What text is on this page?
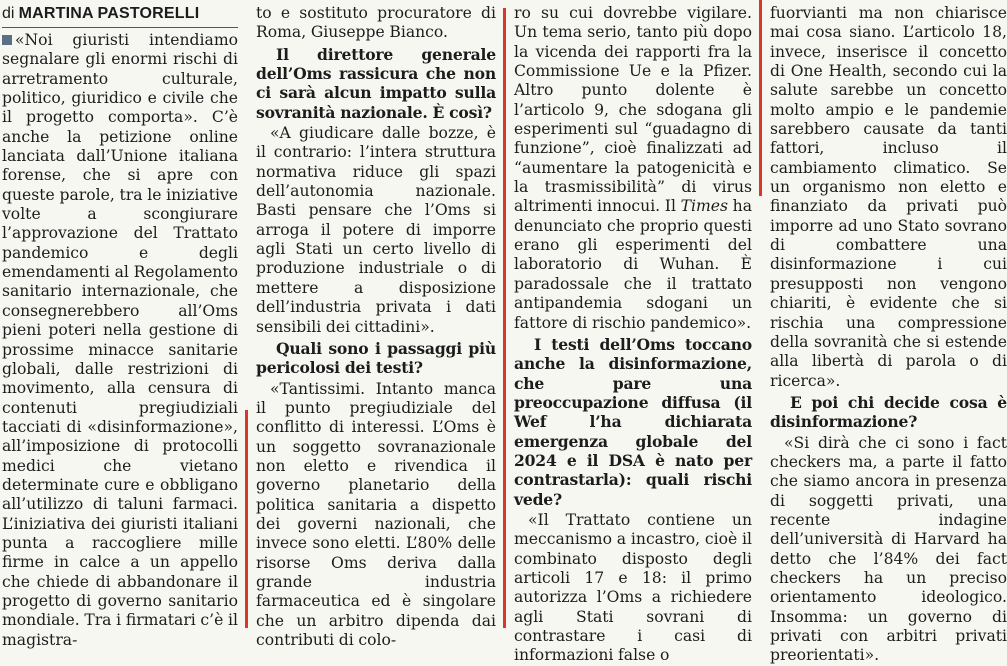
di MARTINA PASTORELLI

«Noi giuristi intendiamo segnalare gli enormi rischi di arretramento culturale, politico, giuridico e civile che il progetto comporta». C’è anche la petizione online lanciata dall’Unione italiana forense, che si apre con queste parole, tra le iniziative volte a scongiurare l’approvazione del Trattato pandemico e degli emendamenti al Regolamento sanitario internazionale, che consegnerebbero all’Oms pieni poteri nella gestione di prossime minacce sanitarie globali, dalle restrizioni di movimento, alla censura di contenuti pregiudiziali tacciati di «disinformazione», all’imposizione di protocolli medici che vietano determinate cure e obbligano all’utilizzo di taluni farmaci. L’iniziativa dei giuristi italiani punta a raccogliere mille firme in calce a un appello che chiede di abbandonare il progetto di governo sanitario mondiale. Tra i firmatari c’è il magistra-

to e sostituto procuratore di Roma, Giuseppe Bianco.

Il direttore generale dell’Oms rassicura che non ci sarà alcun impatto sulla sovranità nazionale. È così?

«A giudicare dalle bozze, è il contrario: l’intera struttura normativa riduce gli spazi dell’autonomia nazionale. Basti pensare che l’Oms si arroga il potere di imporre agli Stati un certo livello di produzione industriale o di mettere a disposizione dell’industria privata i dati sensibili dei cittadini».

Quali sono i passaggi più pericolosi dei testi?

«Tantissimi. Intanto manca il punto pregiudiziale del conflitto di interessi. L’Oms è un soggetto sovranazionale non eletto e rivendica il governo planetario della politica sanitaria a dispetto dei governi nazionali, che invece sono eletti. L’80% delle risorse Oms deriva dalla grande industria farmaceutica ed è singolare che un arbitro dipenda dai contributi di colo-

ro su cui dovrebbe vigilare. Un tema serio, tanto più dopo la vicenda dei rapporti fra la Commissione Ue e la Pfizer. Altro punto dolente è l’articolo 9, che sdogana gli esperimenti sul “guadagno di funzione”, cioè finalizzati ad “aumentare la patogenicità e la trasmissibilità” di virus altrimenti innocui. Il Times ha denunciato che proprio questi erano gli esperimenti del laboratorio di Wuhan. È paradossale che il trattato antipandemia sdogani un fattore di rischio pandemico».

I testi dell’Oms toccano anche la disinformazione, che pare una preoccupazione diffusa (il Wef l’ha dichiarata emergenza globale del 2024 e il DSA è nato per contrastarla): quali rischi vede?

«Il Trattato contiene un meccanismo a incastro, cioè il combinato disposto degli articoli 17 e 18: il primo autorizza l’Oms a richiedere agli Stati sovrani di contrastare i casi di informazioni false o

fuorvianti ma non chiarisce mai cosa siano. L’articolo 18, invece, inserisce il concetto di One Health, secondo cui la salute sarebbe un concetto molto ampio e le pandemie sarebbero causate da tanti fattori, incluso il cambiamento climatico. Se un organismo non eletto e finanziato da privati può imporre ad uno Stato sovrano di combattere una disinformazione i cui presupposti non vengono chiariti, è evidente che si rischia una compressione della sovranità che si estende alla libertà di parola o di ricerca».

E poi chi decide cosa è disinformazione?

«Si dirà che ci sono i fact checkers ma, a parte il fatto che siamo ancora in presenza di soggetti privati, una recente indagine dell’università di Harvard ha detto che l’84% dei fact checkers ha un preciso orientamento ideologico. Insomma: un governo di privati con arbitri privati preorientati».
